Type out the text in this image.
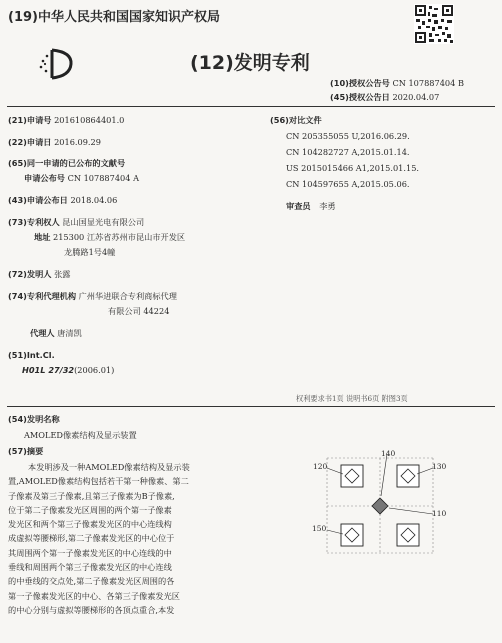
(19)中华人民共和国国家知识产权局
(12)发明专利
(10)授权公告号 CN 107887404 B
(45)授权公告日 2020.04.07
(21)申请号 201610864401.0
(22)申请日 2016.09.29
(65)同一申请的已公布的文献号
申请公布号 CN 107887404 A
(43)申请公布日 2018.04.06
(73)专利权人 昆山国显光电有限公司
地址 215300 江苏省苏州市昆山市开发区
龙腾路1号4幢
(72)发明人 张露
(74)专利代理机构 广州华进联合专利商标代理
有限公司 44224
代理人 唐清凯
(51)Int.Cl.
H01L 27/32(2006.01)
(56)对比文件
CN 205355055 U,2016.06.29.
CN 104282727 A,2015.01.14.
US 2015015466 A1,2015.01.15.
CN 104597655 A,2015.05.06.
审查员 李勇
权利要求书1页 说明书6页 附图3页
(54)发明名称
AMOLED像素结构及显示装置
(57)摘要
本发明涉及一种AMOLED像素结构及显示装
置,AMOLED像素结构包括若干第一种像素、第二
子像素及第三子像素,且第三子像素为B子像素,
位于第二子像素发光区周围的两个第一子像素
发光区和两个第三子像素发光区的中心连线构
成虚拟等腰梯形,第二子像素发光区的中心位于
其周围两个第一子像素发光区的中心连线的中
垂线和周围两个第三子像素发光区的中心连线
的中垂线的交点处,第二子像素发光区周围的各
第一子像素发光区的中心、各第三子像素发光区
的中心分别与虚拟等腰梯形的各顶点重合,本发
140
120	130
110
150
